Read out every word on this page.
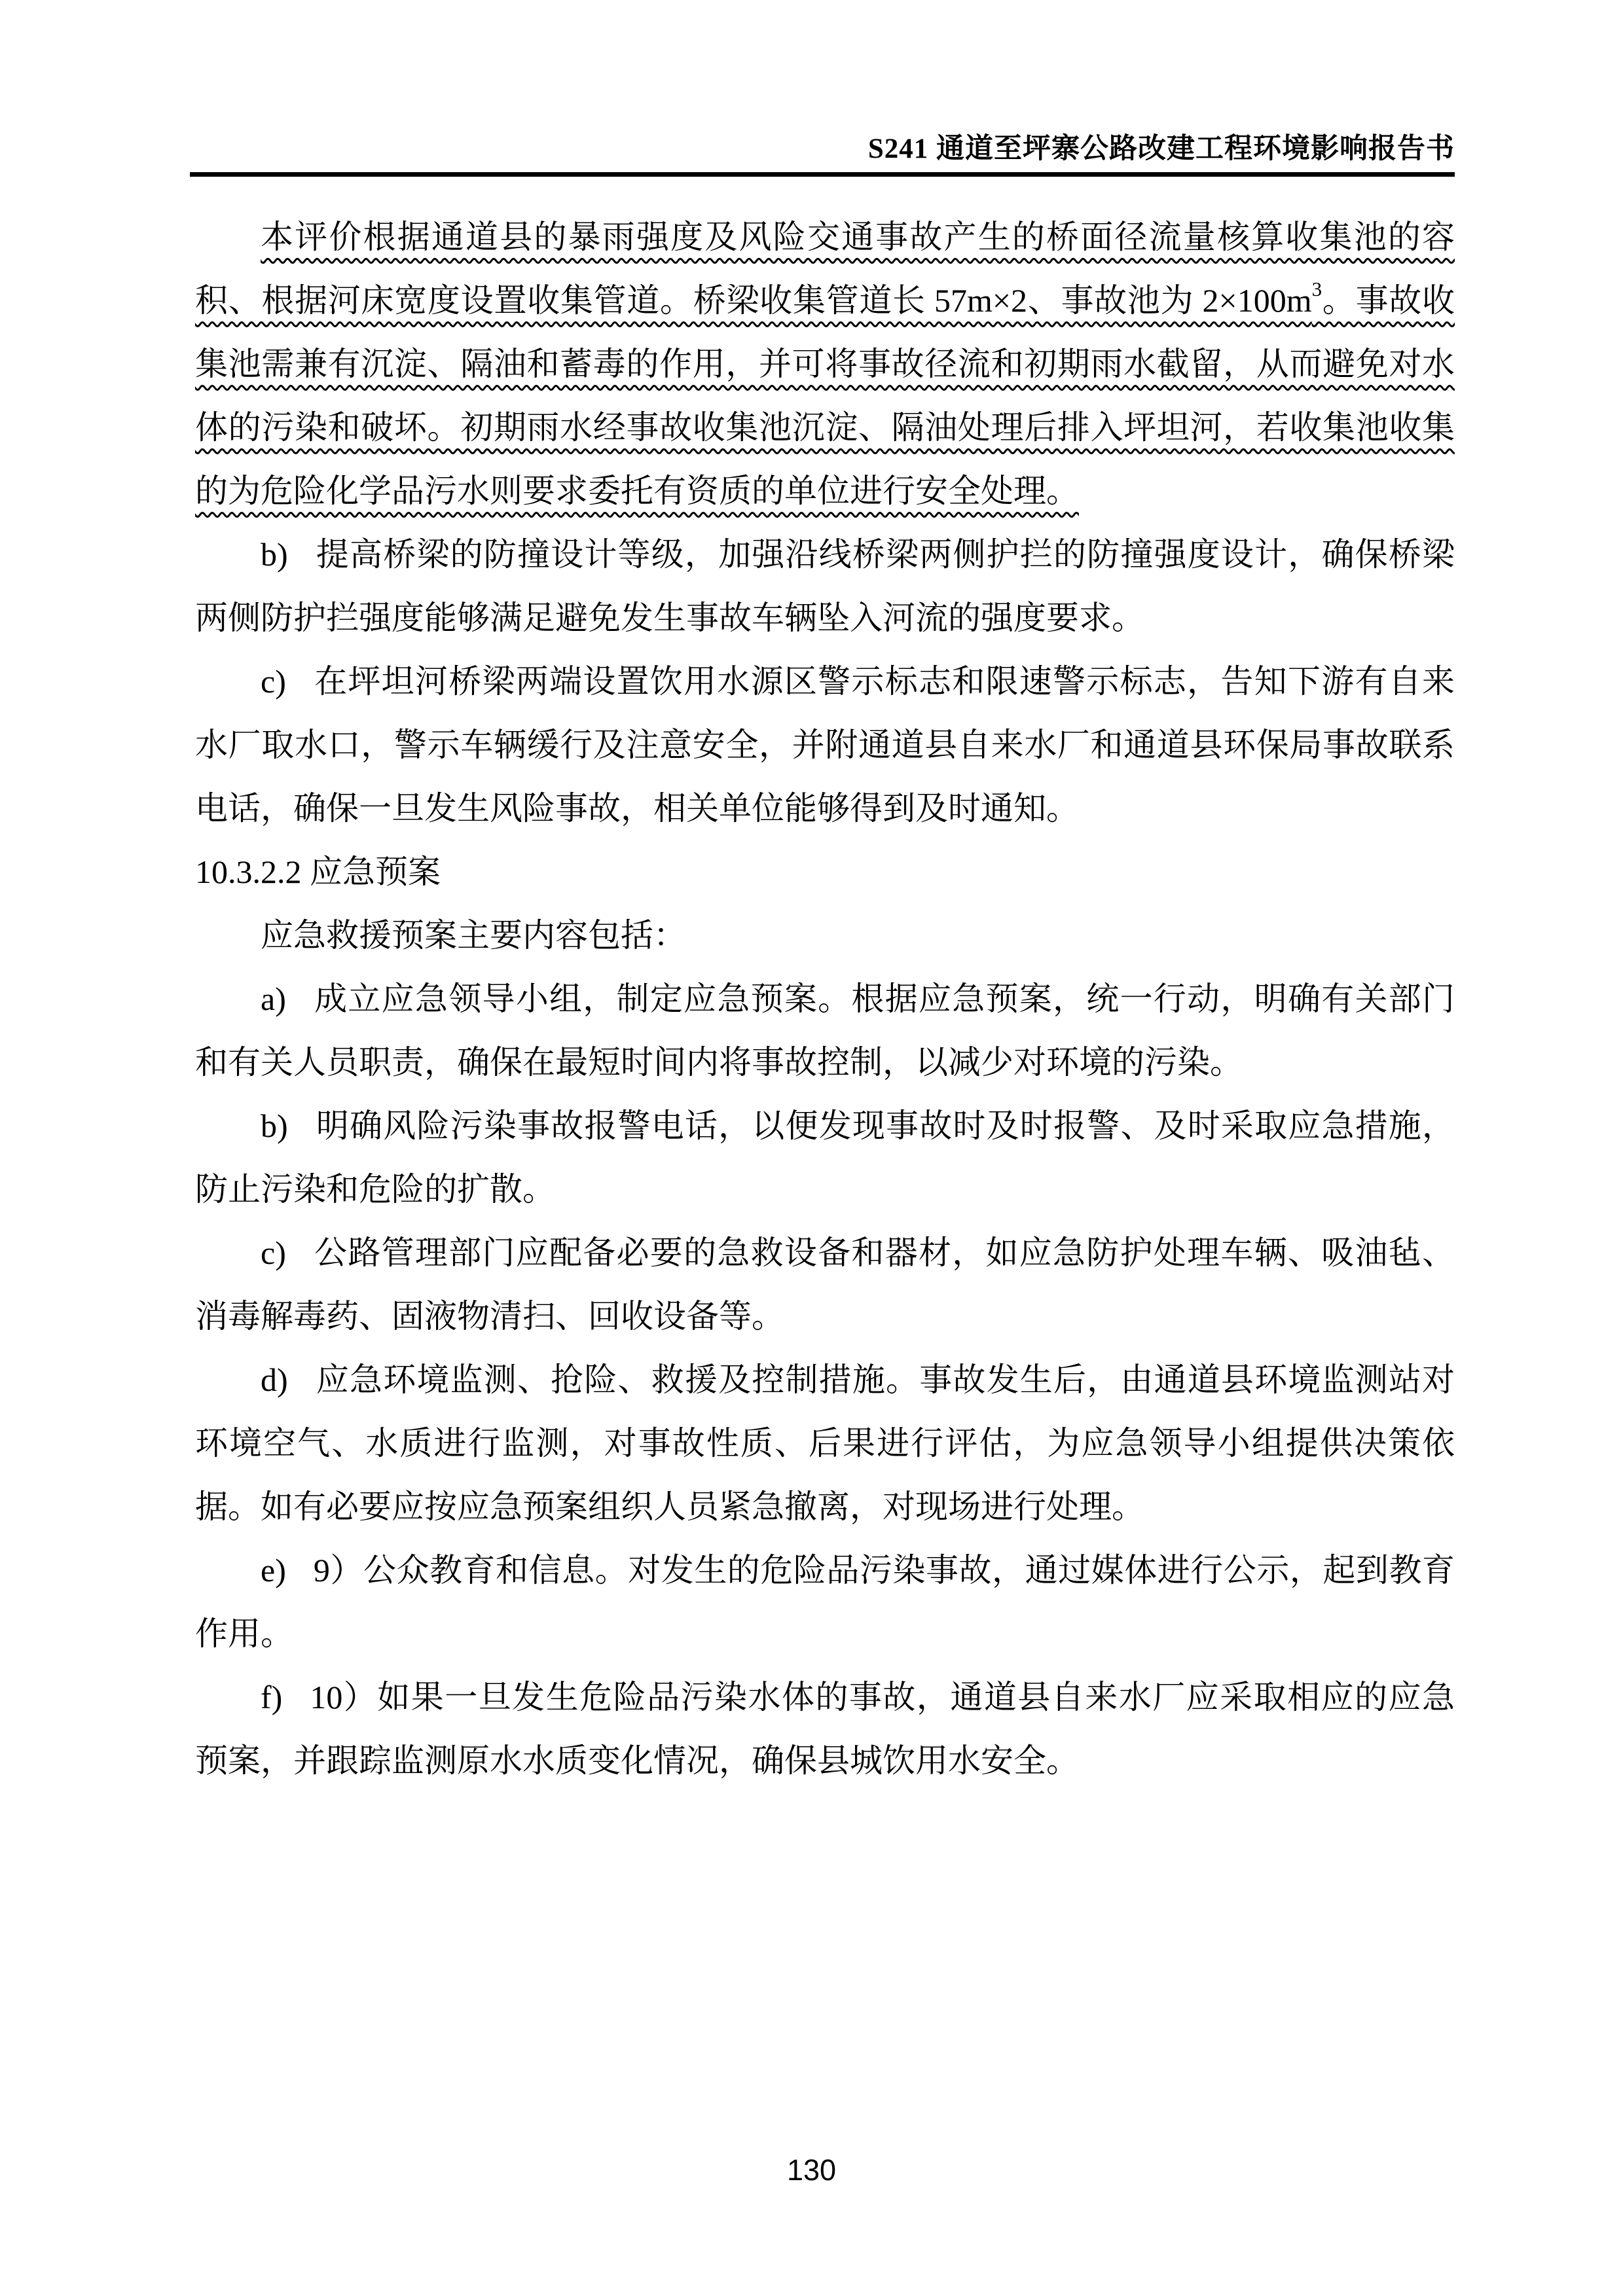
S241 通道至坪寨公路改建工程环境影响报告书

本评价根据通道县的暴雨强度及风险交通事故产生的桥面径流量核算收集池的容积、根据河床宽度设置收集管道。桥梁收集管道长 57m×2、事故池为 $2\times 100m^3$。事故收集池需兼有沉淀、隔油和蓄毒的作用，并可将事故径流和初期雨水截留，从而避免对水体的污染和破坏。初期雨水经事故收集池沉淀、隔油处理后排入坪坦河，若收集池收集的为危险化学品污水则要求委托有资质的单位进行安全处理。

b) 提高桥梁的防撞设计等级，加强沿线桥梁两侧护拦的防撞强度设计，确保桥梁两侧防护拦强度能够满足避免发生事故车辆坠入河流的强度要求。

c) 在坪坦河桥梁两端设置饮用水源区警示标志和限速警示标志，告知下游有自来水厂取水口，警示车辆缓行及注意安全，并附通道县自来水厂和通道县环保局事故联系电话，确保一旦发生风险事故，相关单位能够得到及时通知。

10.3.2.2 应急预案

应急救援预案主要内容包括：

a) 成立应急领导小组，制定应急预案。根据应急预案，统一行动，明确有关部门和有关人员职责，确保在最短时间内将事故控制，以减少对环境的污染。

b) 明确风险污染事故报警电话，以便发现事故时及时报警、及时采取应急措施，防止污染和危险的扩散。

c) 公路管理部门应配备必要的急救设备和器材，如应急防护处理车辆、吸油毡、消毒解毒药、固液物清扫、回收设备等。

d) 应急环境监测、抢险、救援及控制措施。事故发生后，由通道县环境监测站对环境空气、水质进行监测，对事故性质、后果进行评估，为应急领导小组提供决策依据。如有必要应按应急预案组织人员紧急撤离，对现场进行处理。

e) 9）公众教育和信息。对发生的危险品污染事故，通过媒体进行公示，起到教育作用。

f) 10）如果一旦发生危险品污染水体的事故，通道县自来水厂应采取相应的应急预案，并跟踪监测原水水质变化情况，确保县城饮用水安全。

130
